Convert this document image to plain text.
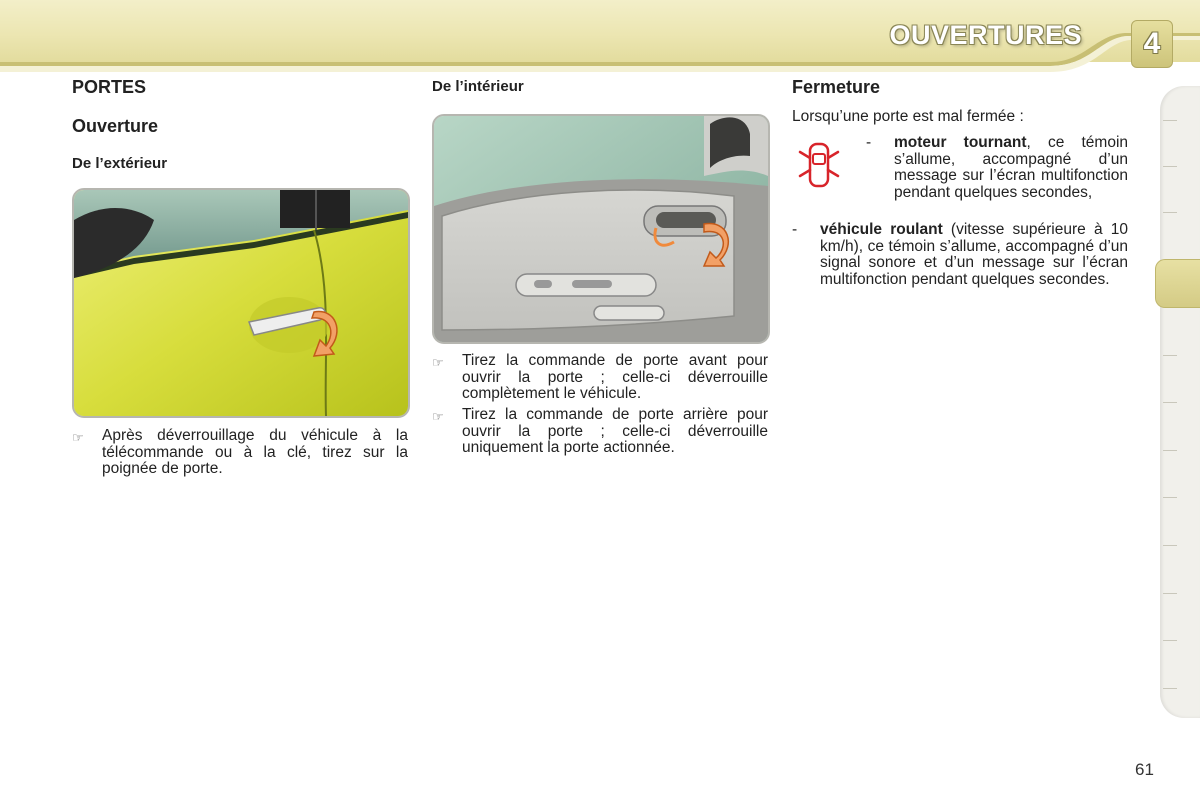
OUVERTURES	4
PORTES
Ouverture
De l’extérieur
☞ Après déverrouillage du véhicule à la télécommande ou à la clé, tirez sur la poignée de porte.
De l’intérieur
☞ Tirez la commande de porte avant pour ouvrir la porte ; celle-ci déverrouille complètement le véhicule.
☞ Tirez la commande de porte arrière pour ouvrir la porte ; celle-ci déverrouille uniquement la porte actionnée.
Fermeture
Lorsqu’une porte est mal fermée :
-	moteur tournant, ce témoin s’allume, accompagné d’un message sur l’écran multifonction pendant quelques secondes,
-	véhicule roulant (vitesse supérieure à 10 km/h), ce témoin s’allume, accompagné d’un signal sonore et d’un message sur l’écran multifonction pendant quelques secondes.
61
